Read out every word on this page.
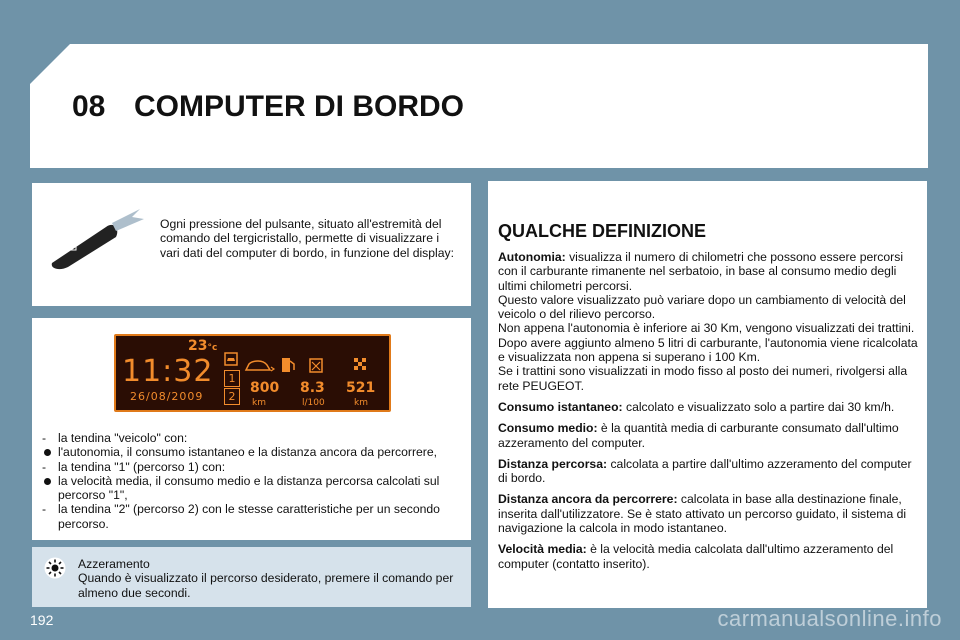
08 COMPUTER DI BORDO
Ogni pressione del pulsante, situato all'estremità del comando del tergicristallo, permette di visualizzare i vari dati del computer di bordo, in funzione del display:
23°c
11:32
26/08/2009
1
2
800
km
8.3
l/100
521
km
- la tendina "veicolo" con:
l'autonomia, il consumo istantaneo e la distanza ancora da percorrere,
- la tendina "1" (percorso 1) con:
la velocità media, il consumo medio e la distanza percorsa calcolati sul percorso "1",
- la tendina "2" (percorso 2) con le stesse caratteristiche per un secondo percorso.
Azzeramento
Quando è visualizzato il percorso desiderato, premere il comando per almeno due secondi.
QUALCHE DEFINIZIONE

Autonomia: visualizza il numero di chilometri che possono essere percorsi con il carburante rimanente nel serbatoio, in base al consumo medio degli ultimi chilometri percorsi.
Questo valore visualizzato può variare dopo un cambiamento di velocità del veicolo o del rilievo percorso.
Non appena l'autonomia è inferiore ai 30 Km, vengono visualizzati dei trattini. Dopo avere aggiunto almeno 5 litri di carburante, l'autonomia viene ricalcolata e visualizzata non appena si superano i 100 Km.
Se i trattini sono visualizzati in modo fisso al posto dei numeri, rivolgersi alla rete PEUGEOT.

Consumo istantaneo: calcolato e visualizzato solo a partire dai 30 km/h.

Consumo medio: è la quantità media di carburante consumato dall'ultimo azzeramento del computer.

Distanza percorsa: calcolata a partire dall'ultimo azzeramento del computer di bordo.

Distanza ancora da percorrere: calcolata in base alla destinazione finale, inserita dall'utilizzatore. Se è stato attivato un percorso guidato, il sistema di navigazione la calcola in modo istantaneo.

Velocità media: è la velocità media calcolata dall'ultimo azzeramento del computer (contatto inserito).

192	carmanualsonline.info
